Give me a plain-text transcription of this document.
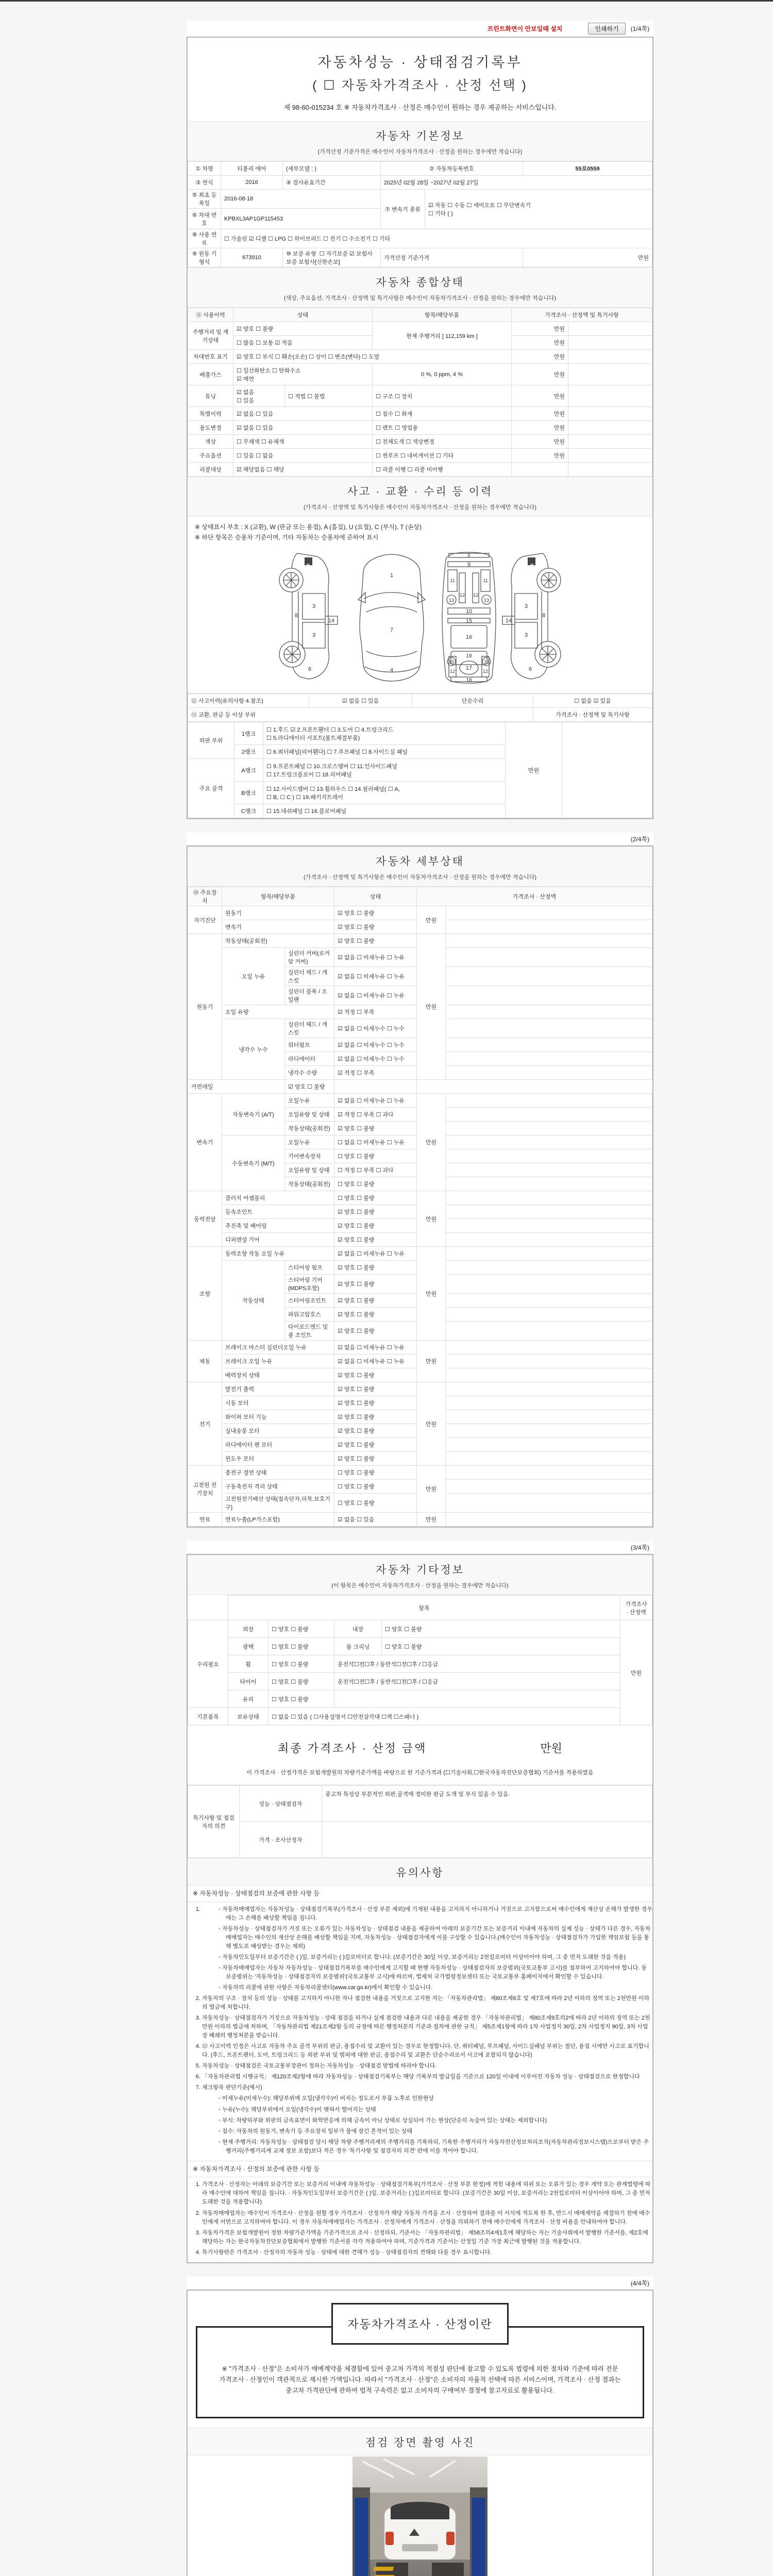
프린트화면이 안보일때 설치	인쇄하기	(1/4쪽)
자동차성능 · 상태점검기록부
( ☐ 자동차가격조사 · 산정 선택 )
제 98-60-015234 호 ※ 자동차가격조사 · 산정은 매수인이 원하는 경우 제공하는 서비스입니다.
자동차 기본정보
(가격산정 기준가격은 매수인이 자동차가격조사 · 산정을 원하는 경우에만 적습니다)
① 차명	티볼리 에어	(세부모델 : )	② 자동차등록번호		55로0559
③ 연식	2016	④ 검사유효기간	2025년 02월 28일 ~2027년 02월 27일		
⑤ 최초 등록일	2016-08-18		⑦ 변속기 종류	☑ 자동 ☐ 수동 ☐ 세미오토 ☐ 무단변속기
☐ 기타 ( )	

⑥ 차대 번호	KPBXL3AP1GP115453				
⑧ 사용 연료	☐ 가솔린 ☑ 디젤 ☐ LPG ☐ 하이브리드 ☐ 전기 ☐ 수소전기 ☐ 기타				
⑨ 원동 기형식	673910	⑩ 보증 유형 ☐ 자기보증 ☑ 보험사보증 보험사[신한손보]	가격산정 기준가격		만원
자동차 종합상태
(색상, 주요옵션, 가격조사 · 산정액 및 특기사항은 매수인이 자동차가격조사 · 산정을 원하는 경우에만 적습니다)
⑪ 사용이력	상태		항목/해당부품	가격조사 · 산정액 및 특기사항	
주행거리 및 계기상태	☑ 양호 ☐ 불량		현재 주행거리 [ 112,159 km ]	만원	
	☐ 많음 ☐ 보통 ☑ 적음			만원	
차대번호 표기	☑ 양호 ☐ 부식 ☐ 훼손(오손) ☐ 상이 ☐ 변조(변타) ☐ 도말			만원	
배출가스	☐ 일산화탄소 ☐ 탄화수소
☑ 매연		0 %, 0 ppm, 4 %	만원	
튜닝	☑ 없음
☐ 있음	☐ 적법 ☐ 불법	☐ 구조 ☐ 장치	만원	
특별이력	☑ 없음 ☐ 있음		☐ 침수 ☐ 화재	만원	
용도변경	☑ 없음 ☐ 있음		☐ 렌트 ☐ 영업용	만원	
색상	☐ 무채색 ☐ 유채색		☐ 전체도색 ☐ 색상변경	만원	
주요옵션	☐ 있음 ☐ 없음		☐ 썬루프 ☐ 네비게이션 ☐ 기타	만원	
리콜대상	☑ 해당없음 ☐ 해당		☐ 리콜 이행 ☐ 리콜 미이행		
사고 · 교환 · 수리 등 이력
(가격조사 · 산정액 및 특기사항은 매수인이 자동차가격조사 · 산정을 원하는 경우에만 적습니다)
※ 상태표시 부호 : X (교환), W (판금 또는 용접), A (흠집), U (요철), C (부식), T (손상)
※ 하단 항목은 승용차 기준이며, 기타 자동차는 승용차에 준하여 표시
X	X
3
3
8
14
6
3
3
8
14
6
1
7
4
5
9
11	11
12 12
13	13
10
15
16
19
13	13
12	12
17
18
⑫ 사고이력(유의사항 4.참조)	☑ 없음 ☐ 있음	단순수리	☐ 없음 ☑ 있음
⑬ 교환, 판금 등 이상 부위			가격조사 · 산정액 및 특기사항
외판 부위	1랭크	☐ 1.후드 ☑ 2.프론트휀더 ☐ 3.도어 ☐ 4.트렁크리드
☐ 5.라디에이터 서포트(볼트체결부품)	만원	
	2랭크	☐ 6.쿼터패널(리어휀다) ☐ 7.루프패널 ☐ 8.사이드실 패널		
주요 골격	A랭크	☐ 9.프론트패널 ☐ 10.크로스멤버 ☐ 11.인사이드패널
☐ 17.트렁크플로어 ☐ 18.리어패널		

	B랭크	☐ 12.사이드멤버 ☐ 13.휠하우스 ☐ 14.필러패널( ☐ A,
☐ B, ☐ C ) ☐ 19.패키지트레이		

	C랭크	☐ 15.대쉬패널 ☐ 16.플로어패널		
(2/4쪽)
자동차 세부상태
(가격조사 · 산정액 및 특기사항은 매수인이 자동차가격조사 · 산정을 원하는 경우에만 적습니다)
⑭ 주요장치	항목/해당부품		상태	가격조사 · 산정액	
자기진단	원동기		☑ 양호 ☐ 불량	만원	
	변속기		☑ 양호 ☐ 불량		
원동기	작동상태(공회전)		☑ 양호 ☐ 불량	만원	
	오일 누유	실린더 커버(로커암 커버)	☑ 없음 ☐ 미세누유 ☐ 누유		
		실린더 헤드 / 개스킷	☑ 없음 ☐ 미세누유 ☐ 누유		
		실린더 블록 / 오일팬	☑ 없음 ☐ 미세누유 ☐ 누유		
	오일 유량		☑ 적정 ☐ 부족		
	냉각수 누수	실린더 헤드 / 개스킷	☑ 없음 ☐ 미세누수 ☐ 누수		
		워터펌프	☑ 없음 ☐ 미세누수 ☐ 누수		
		라디에이터	☑ 없음 ☐ 미세누수 ☐ 누수		
		냉각수 수량	☑ 적정 ☐ 부족		
커먼레일		☑ 양호 ☐ 불량			
변속기	자동변속기 (A/T)	오일누유	☑ 없음 ☐ 미세누유 ☐ 누유	만원	
		오일유량 및 상태	☑ 적정 ☐ 부족 ☐ 과다		
		작동상태(공회전)	☑ 양호 ☐ 불량		
	수동변속기 (M/T)	오일누유	☐ 없음 ☐ 미세누유 ☐ 누유		
		기어변속장치	☐ 양호 ☐ 불량		
		오일유량 및 상태	☐ 적정 ☐ 부족 ☐ 과다		
		작동상태(공회전)	☐ 양호 ☐ 불량		
동력전달	클러치 어셈블리		☐ 양호 ☐ 불량	만원	
	등속조인트		☑ 양호 ☐ 불량		
	추진축 및 베어링		☑ 양호 ☐ 불량		
	디퍼렌셜 기어		☑ 양호 ☐ 불량		
조향	동력조향 작동 오일 누유		☑ 없음 ☐ 미세누유 ☐ 누유	만원	
	작동상태	스티어링 펌프	☑ 양호 ☐ 불량		
		스티어링 기어(MDPS포함)	☑ 양호 ☐ 불량		
		스티어링조인트	☑ 양호 ☐ 불량		
		파워고압호스	☑ 양호 ☐ 불량		
		타이로드엔드 및 볼 조인트	☑ 양호 ☐ 불량		
제동	브레이크 마스터 실린더오일 누유		☑ 없음 ☐ 미세누유 ☐ 누유	만원	
	브레이크 오일 누유		☑ 없음 ☐ 미세누유 ☐ 누유		
	배력장치 상태		☑ 양호 ☐ 불량		
전기	발전기 출력		☑ 양호 ☐ 불량	만원	
	시동 모터		☑ 양호 ☐ 불량		
	와이퍼 모터 기능		☑ 양호 ☐ 불량		
	실내송풍 모터		☑ 양호 ☐ 불량		
	라디에이터 팬 모터		☑ 양호 ☐ 불량		
	윈도우 모터		☑ 양호 ☐ 불량		
고전원 전기장치	충전구 절연 상태		☐ 양호 ☐ 불량	만원	
	구동축전지 격리 상태		☐ 양호 ☐ 불량		
	고전원전기배선 상태(접속단자,피복,보호기구)		☐ 양호 ☐ 불량		
연료	연료누출(LP가스포함)		☑ 없음 ☐ 있음	만원	
(3/4쪽)
자동차 기타정보
(이 항목은 매수인이 자동차가격조사 · 산정을 원하는 경우에만 적습니다)
	항목				가격조사 · 산정액
수리필요	외장	☐ 양호 ☐ 불량	내장	☐ 양호 ☐ 불량	만원
	광택	☐ 양호 ☐ 불량	룸 크리닝	☐ 양호 ☐ 불량	
	휠	☐ 양호 ☐ 불량	운전석☐전☐후 / 동반석☐전☐후 / ☐응급		
	타이어	☐ 양호 ☐ 불량	운전석☐전☐후 / 동반석☐전☐후 / ☐응급		
	유리	☐ 양호 ☐ 불량			
기본품목	보유상태	☐ 없음 ☐ 있음 ( ☐사용설명서 ☐안전삼각대 ☐잭 ☐스패너 )			
최종 가격조사 · 산정 금액	만원
이 가격조사 · 산정가격은 보험개발원의 차량기준가액을 바탕으로 한 기준가격과 (☐기술사회,☐한국자동차진단보증협회) 기준서를 적용하였음
특기사항 및 점검자의 의견	성능 · 상태점검자	중고차 특성상 부분적인 외판,골격에 경미한 판금 도색 및 부식 있을 수 있음.
	가격 · 조사산정자	
유의사항
※ 자동차성능 · 상태점검의 보증에 관한 사항 등
◦ 1. 자동차매매업자는 자동차성능 · 상태점검기록부(가격조사 · 산정 부분 제외)에 기재된 내용을 고지하지 아니하거나 거짓으로 고지함으로써 매수인에게 재산상 손해가 발생한 경우에는 그 손해를 배상할 책임을 집니다.
◦ 자동차성능 · 상태점검자가 거짓 또는 오류가 있는 자동차성능 · 상태점검 내용을 제공하여 아래의 보증기간 또는 보증거리 이내에 자동차의 실제 성능 · 상태가 다른 경우, 자동차매매업자는 매수인의 재산상 손해를 배상할 책임을 지며, 자동차성능 · 상태점검자에게 이를 구상할 수 있습니다.(매수인이 자동차성능 · 상태점검자가 가입한 책임보험 등을 통해 별도로 배상받는 경우는 제외)
◦ 자동차인도일부터 보증기간은 ( )일, 보증거리는 ( )킬로미터로 합니다. (보증기간은 30일 이상, 보증거리는 2천킬로미터 이상이어야 하며, 그 중 먼저 도래한 것을 적용)
◦ 자동차매매업자는 자동차 자동차성능 · 상태점검기록부를 매수인에게 고지할 때 현행 자동차성능 · 상태점검자의 보증범위(국토교통부 고시)를 첨부하여 고지하여야 합니다. 동 보증범위는 '자동차성능 · 상태점검자의 보증범위'(국토교통부 고시)에 따르며, 법제처 국가법령정보센터 또는 국토교통부 홈페이지에서 확인할 수 있습니다.
◦ 자동차의 리콜에 관한 사항은 자동차리콜센터(www.car.go.kr)에서 확인할 수 있습니다.
2. 자동차의 구조 · 장치 등의 성능 · 상태를 고지하지 아니한 자나 점검한 내용을 거짓으로 고지한 자는 「자동차관리법」 제80조제6호 및 제7호에 따라 2년 이하의 징역 또는 2천만원 이하의 벌금에 처합니다.
3. 자동차성능 · 상태점검자가 거짓으로 자동차성능 · 상태 점검을 하거나 실제 점검한 내용과 다른 내용을 제공한 경우 「자동차관리법」 제80조제9호의2에 따라 2년 이하의 징역 또는 2천만원 이하의 벌금에 처하며, 「자동차관리법 제21조제2항 등의 규정에 따른 행정처분의 기준과 절차에 관한 규칙」 제5조제1항에 따라 1차 사업정지 30일, 2차 사업정지 90일, 3차 사업장 폐쇄의 행정처분을 받습니다.
4. ⑫ 사고이력 인정은 사고로 자동차 주요 골격 부위의 판금, 용접수리 및 교환이 있는 경우로 한정합니다. 단, 쿼터패널, 루프패널, 사이드실패널 부위는 절단, 용접 시에만 사고로 표기합니다. (후드, 프론트펜더, 도어, 트렁크리드 등 외판 부위 및 범퍼에 대한 판금, 용접수리 및 교환은 단순수리로서 사고에 포함되지 않습니다)
5. 자동차성능 · 상태점검은 국토교통부장관이 정하는 자동차성능 · 상태점검 방법에 따라야 합니다.
6. 「자동차관리법 시행규칙」 제120조제2항에 따라 자동차성능 · 상태점검기록부는 해당 기록부의 발급일을 기준으로 120일 이내에 이루어진 자동차 성능 · 상태점검으로 한정합니다
7. 체크항목 판단기준(예시)
◦ 미세누유(미세누수): 해당부위에 오일(냉각수)이 비치는 정도로서 부품 노후로 인한현상
◦ 누유(누수): 해당부위에서 오일(냉각수)이 맺혀서 떨어지는 상태
◦ 부식: 차량하부와 외판의 금속표면이 화학반응에 의해 금속이 아닌 상태로 상실되어 가는 현상(단순히 녹슬어 있는 상태는 제외합니다)
◦ 침수: 자동차의 원동기, 변속기 등 주요장치 일부가 물에 잠긴 흔적이 있는 상태
◦ 현재 주행거리: 자동차성능 · 상태점검 당시 해당 차량 주행거리계의 주행거리를 기록하되, 기록한 주행거리가 자동차전산정보처리조직(자동차관리정보시스템)으로부터 받은 주행거리(주행거리계 교체 정보 포함)보다 적은 경우 '특기사항 및 점검자의 의견' 란에 이를 적어야 합니다.
※ 자동차가격조사 · 산정의 보증에 관한 사항 등
1. 가격조사 · 산정자는 아래의 보증기간 또는 보증거리 이내에 자동차성능 · 상태점검기록부(가격조사 · 산정 부분 한정)에 적힌 내용에 허위 또는 오류가 있는 경우 계약 또는 관계법령에 따라 매수인에 대하여 책임을 집니다. · 자동차인도일부터 보증기간은 ( )일, 보증거리는 ( )킬로미터로 합니다. (보증기간은 30일 이상, 보증거리는 2천킬로미터 이상이어야 하며, 그 중 먼저 도래한 것을 적용합니다)
2. 자동차매매업자는 매수인이 가격조사 · 산정을 원할 경우 가격조사 · 산정자가 해당 자동차 가격을 조사 · 산정하여 결과를 이 서식에 적도록 한 후, 반드시 매매계약을 체결하기 전에 매수인에게 서면으로 고지하여야 합니다. 이 경우 자동차매매업자는 가격조사 · 산정자에게 가격조사 · 산정을 의뢰하기 전에 매수인에게 가격조사 · 산정 비용을 안내하여야 합니다.
3. 자동차가격은 보험개발원이 정한 차량기준가액을 기준가격으로 조사 · 산정하되, 기준서는 「자동차관리법」 제58조의4제1호에 해당하는 자는 기술사회에서 발행한 기준서를, 제2호에 해당하는 자는 한국자동차진단보증협회에서 발행한 기준서를 각각 적용하여야 하며, 기준가격과 기준서는 산정일 기준 가장 최근에 발행된 것을 적용합니다.
4. 특기사항란은 가격조사 · 산정자의 자동차 성능 · 상태에 대한 견해가 성능 · 상태점검자의 견해와 다를 경우 표시합니다.
(4/4쪽)
자동차가격조사 · 산정이란
※ "가격조사 · 산정"은 소비자가 매매계약을 체결함에 있어 중고차 가격의 적절성 판단에 참고할 수 있도록 법령에 의한 절차와 기준에 따라 전문 가격조사 · 산정인이 객관적으로 제시한 가액입니다. 따라서 "가격조사 · 산정"은 소비자의 자율적 선택에 따른 서비스이며, 가격조사 · 산정 결과는 중고차 가격판단에 관하여 법적 구속력은 없고 소비자의 구매여부 결정에 참고자료로 활용됩니다.
점검 장면 촬영 사진
